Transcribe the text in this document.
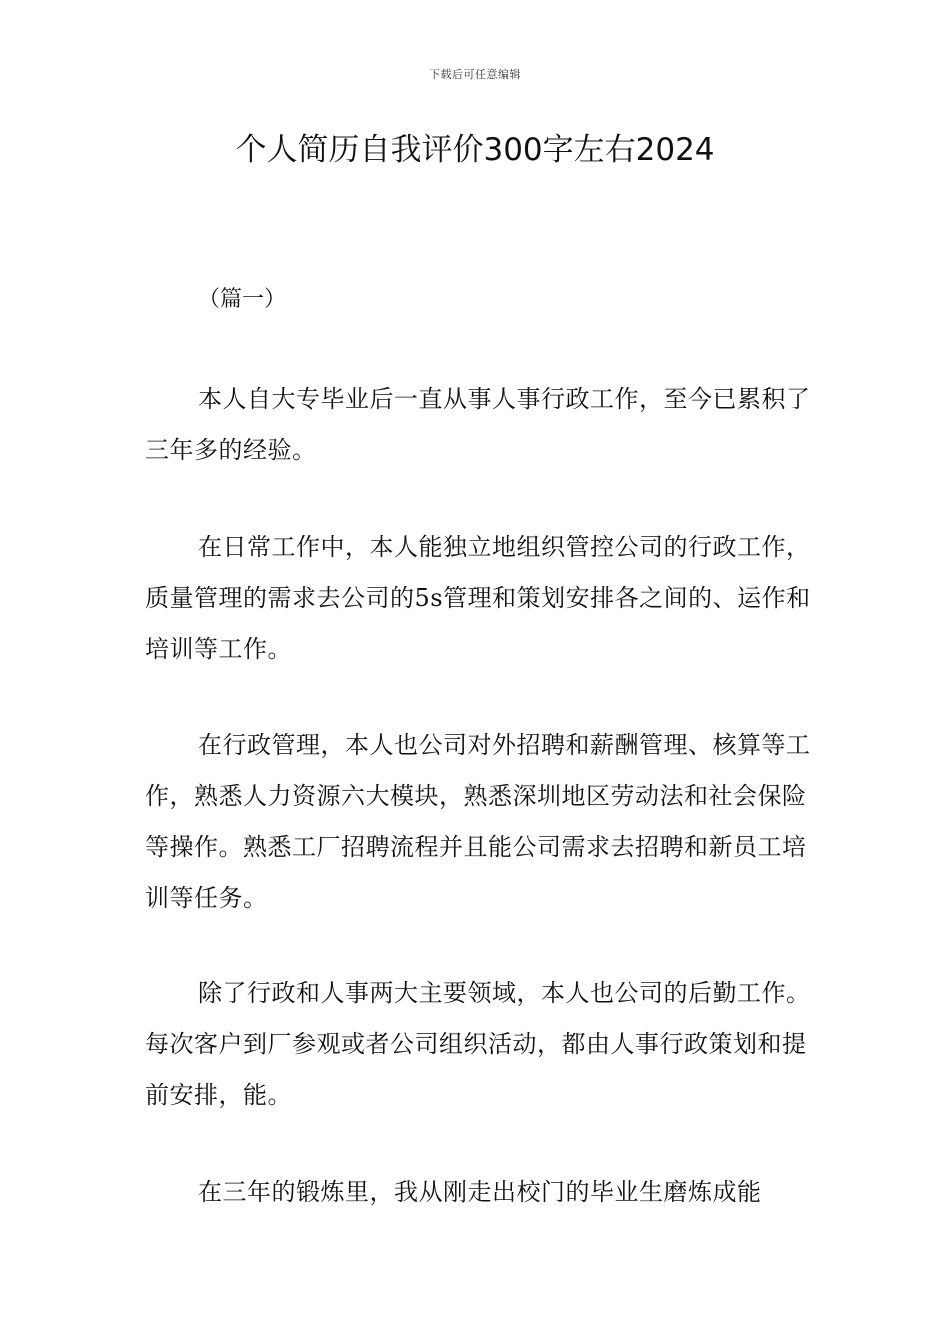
下载后可任意编辑
个人简历自我评价300字左右2024

（篇一）

本人自大专毕业后一直从事人事行政工作，至今已累积了三年多的经验。

在日常工作中，本人能独立地组织管控公司的行政工作，质量管理的需求去公司的5s管理和策划安排各之间的、运作和培训等工作。

在行政管理，本人也公司对外招聘和薪酬管理、核算等工作，熟悉人力资源六大模块，熟悉深圳地区劳动法和社会保险等操作。熟悉工厂招聘流程并且能公司需求去招聘和新员工培训等任务。

除了行政和人事两大主要领域，本人也公司的后勤工作。每次客户到厂参观或者公司组织活动，都由人事行政策划和提前安排，能。

在三年的锻炼里，我从刚走出校门的毕业生磨炼成能
